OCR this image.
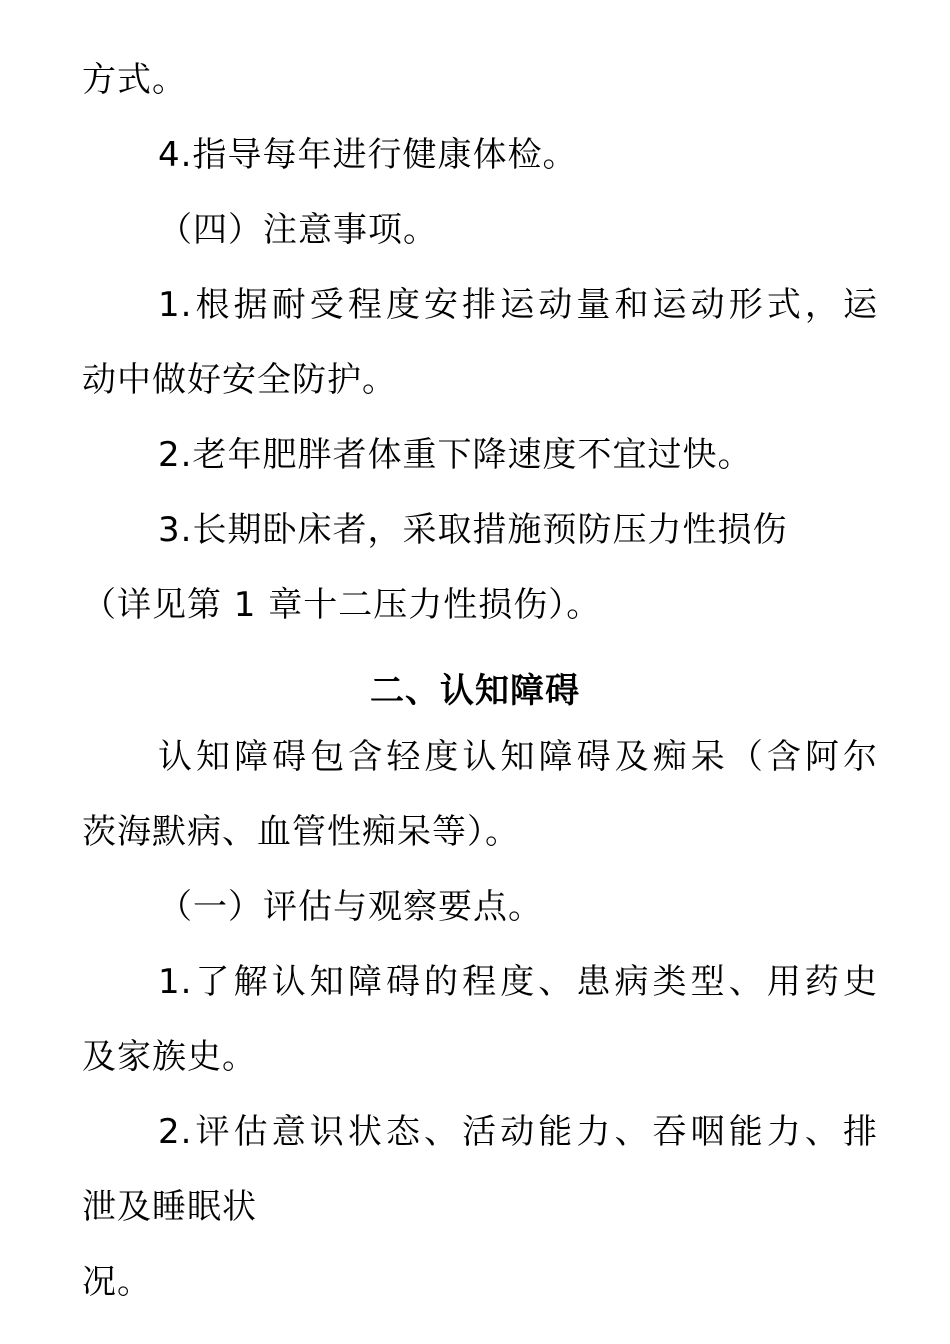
方式。
4.指导每年进行健康体检。
（四）注意事项。
1.根据耐受程度安排运动量和运动形式，运
动中做好安全防护。
2.老年肥胖者体重下降速度不宜过快。
3.长期卧床者，采取措施预防压力性损伤
（详见第 1 章十二压力性损伤）。
二、认知障碍
认知障碍包含轻度认知障碍及痴呆（含阿尔
茨海默病、血管性痴呆等）。
（一）评估与观察要点。
1.了解认知障碍的程度、患病类型、用药史
及家族史。
2.评估意识状态、活动能力、吞咽能力、排
泄及睡眠状
况。
